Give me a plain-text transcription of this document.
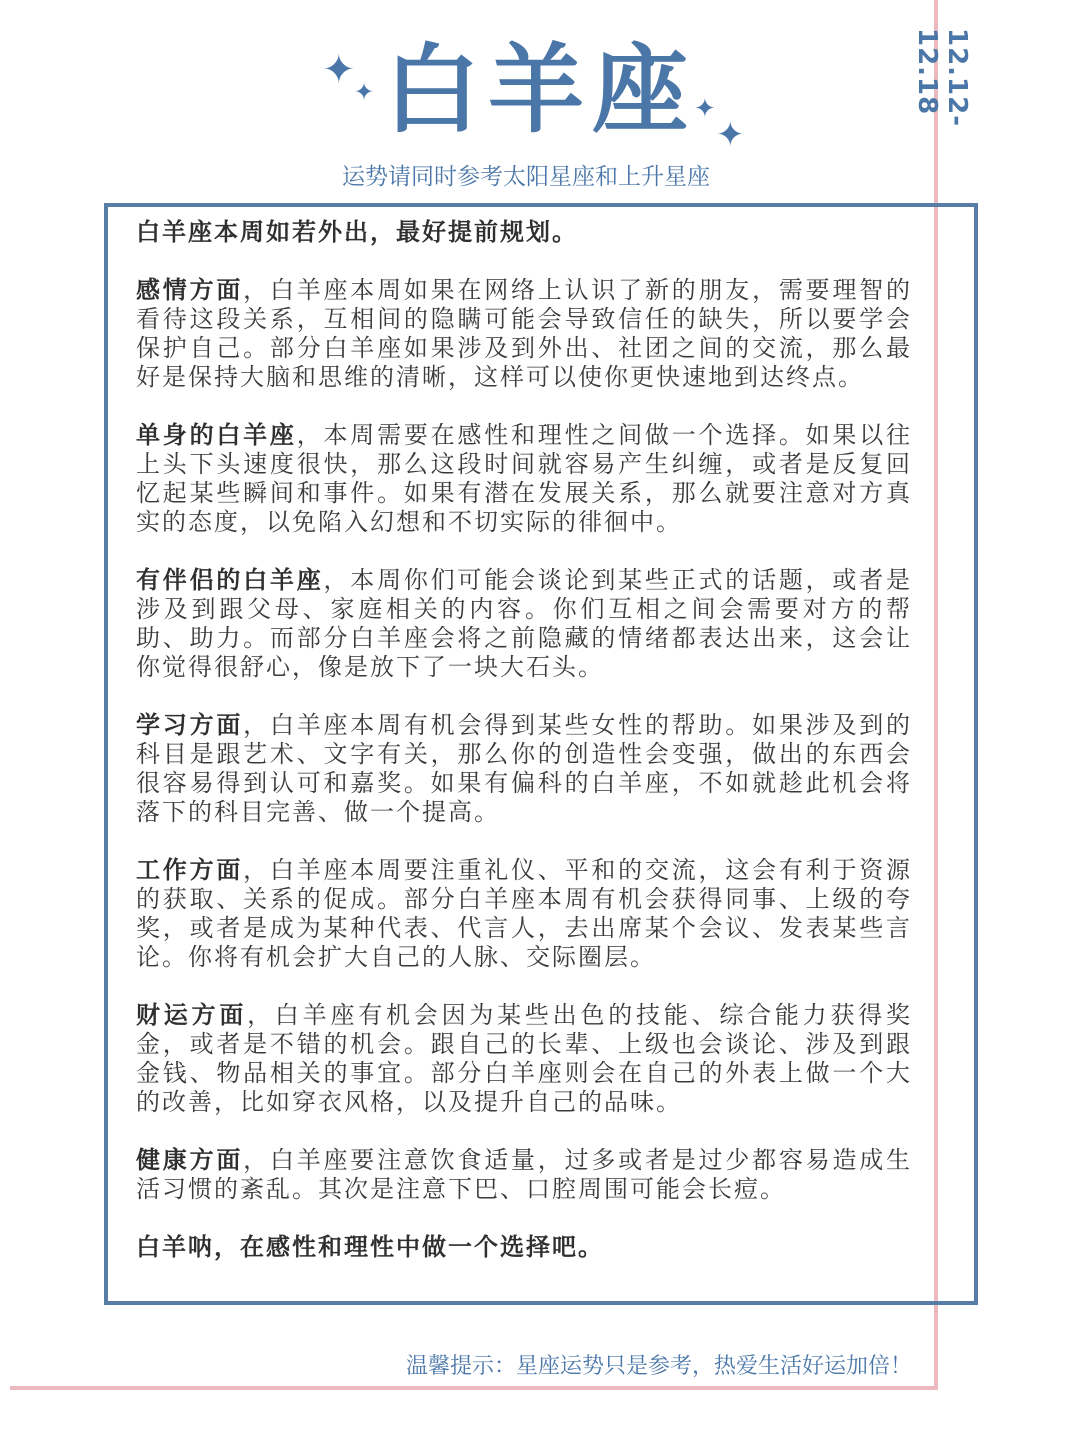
✦
✦ 白羊座
✦
✦
运势请同时参考太阳星座和上升星座
12.12-12.18

白羊座本周如若外出，最好提前规划。

感情方面，白羊座本周如果在网络上认识了新的朋友，需要理智的看待这段关系，互相间的隐瞒可能会导致信任的缺失，所以要学会保护自己。部分白羊座如果涉及到外出、社团之间的交流，那么最好是保持大脑和思维的清晰，这样可以使你更快速地到达终点。

单身的白羊座，本周需要在感性和理性之间做一个选择。如果以往上头下头速度很快，那么这段时间就容易产生纠缠，或者是反复回忆起某些瞬间和事件。如果有潜在发展关系，那么就要注意对方真实的态度，以免陷入幻想和不切实际的徘徊中。

有伴侣的白羊座，本周你们可能会谈论到某些正式的话题，或者是涉及到跟父母、家庭相关的内容。你们互相之间会需要对方的帮助、助力。而部分白羊座会将之前隐藏的情绪都表达出来，这会让你觉得很舒心，像是放下了一块大石头。

学习方面，白羊座本周有机会得到某些女性的帮助。如果涉及到的科目是跟艺术、文字有关，那么你的创造性会变强，做出的东西会很容易得到认可和嘉奖。如果有偏科的白羊座，不如就趁此机会将落下的科目完善、做一个提高。

工作方面，白羊座本周要注重礼仪、平和的交流，这会有利于资源的获取、关系的促成。部分白羊座本周有机会获得同事、上级的夸奖，或者是成为某种代表、代言人，去出席某个会议、发表某些言论。你将有机会扩大自己的人脉、交际圈层。

财运方面，白羊座有机会因为某些出色的技能、综合能力获得奖金，或者是不错的机会。跟自己的长辈、上级也会谈论、涉及到跟金钱、物品相关的事宜。部分白羊座则会在自己的外表上做一个大的改善，比如穿衣风格，以及提升自己的品味。

健康方面，白羊座要注意饮食适量，过多或者是过少都容易造成生活习惯的紊乱。其次是注意下巴、口腔周围可能会长痘。

白羊呐，在感性和理性中做一个选择吧。

温馨提示：星座运势只是参考，热爱生活好运加倍！
